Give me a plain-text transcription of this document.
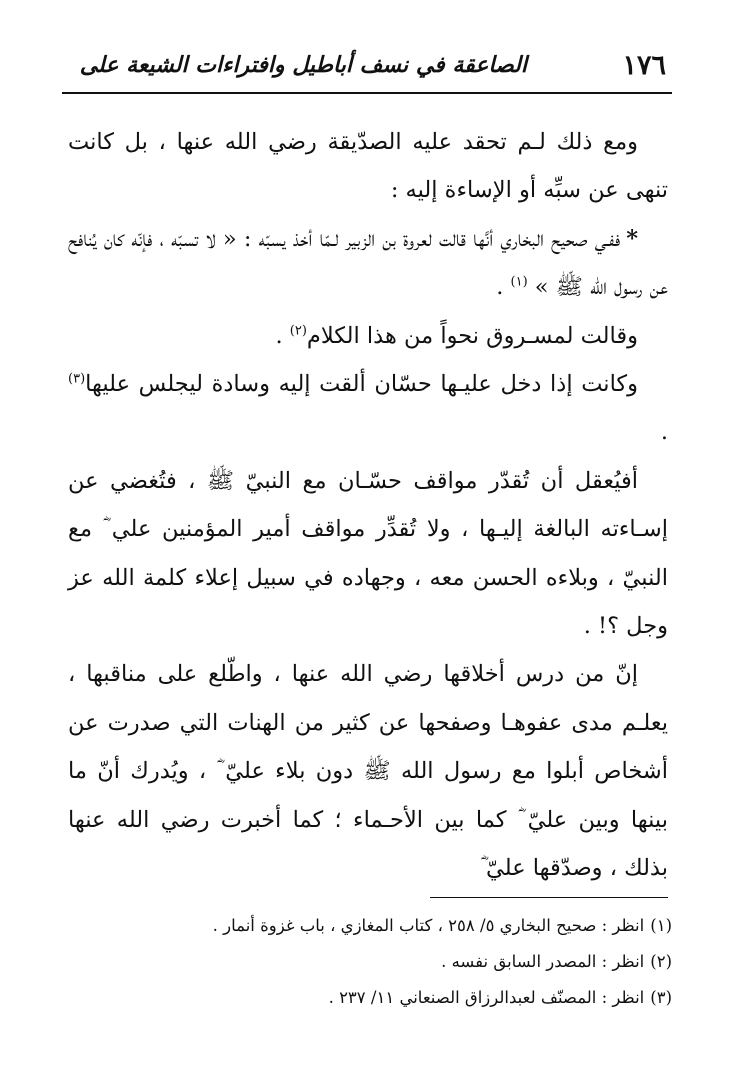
١٧٦
الصاعقة في نسف أباطيل وافتراءات الشيعة على

ومع ذلك لـم تحقد عليه الصدّيقة رضي الله عنها ، بل كانت تنهى عن سبِّه أو الإساءة إليه :

*ففـي صحيح البخاري أنَّها قالت لعروة بن الزبير لـمّا أخذ يسبّه : « لا تسبّه ، فإنّه كان يُنافح عن رسول الله ﷺ » $^{(١)}$ .

وقالت لمسـروق نحواً من هذا الكلام$^{(٢)}$ .

وكانت إذا دخل عليـها حسّان ألقت إليه وسادة ليجلس عليها$^{(٣)}$ .

أفيُعقل أن تُقدّر مواقف حسّـان مع النبيّ ﷺ ، فتُغضي عن إسـاءته البالغة إليـها ، ولا تُقدِّر مواقف أمير المؤمنين علي ؓ مع النبيّ ، وبلاءه الحسن معه ، وجهاده في سبيل إعلاء كلمة الله عز وجل ؟! .

إنّ من درس أخلاقها رضي الله عنها ، واطّلع على مناقبها ، يعلـم مدى عفوهـا وصفحها عن كثير من الهنات التي صدرت عن أشخاص أبلوا مع رسول الله ﷺ دون بلاء عليّ ؓ ، ويُدرك أنّ ما بينها وبين عليّ ؓ كما بين الأحـماء ؛ كما أخبرت رضي الله عنها بذلك ، وصدّقها عليّ ؓ

(١)انظر : صحيح البخاري ٥/ ٢٥٨ ، كتاب المغازي ، باب غزوة أنمار .

(٢)انظر : المصدر السابق نفسه .

(٣)انظر : المصنّف لعبدالرزاق الصنعاني ١١/ ٢٣٧ .
